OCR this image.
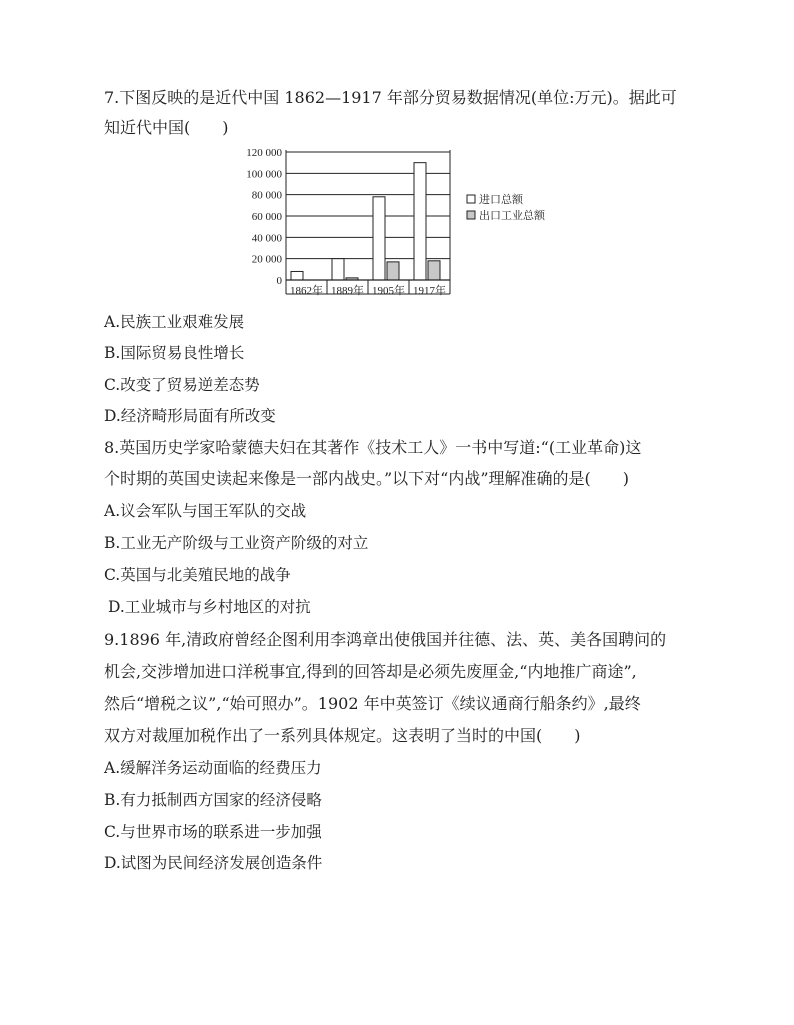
7.下图反映的是近代中国 1862—1917 年部分贸易数据情况(单位:万元)。据此可
知近代中国(　　)
120 000
100 000
80 000
60 000
40 000
20 000
0
1862年 1889年 1905年 1917年
进口总额
出口工业总额
A.民族工业艰难发展
B.国际贸易良性增长
C.改变了贸易逆差态势
D.经济畸形局面有所改变
8.英国历史学家哈蒙德夫妇在其著作《技术工人》一书中写道:“(工业革命)这
个时期的英国史读起来像是一部内战史。”以下对“内战”理解准确的是(　　)
A.议会军队与国王军队的交战
B.工业无产阶级与工业资产阶级的对立
C.英国与北美殖民地的战争
D.工业城市与乡村地区的对抗
9.1896 年,清政府曾经企图利用李鸿章出使俄国并往德、法、英、美各国聘问的
机会,交涉增加进口洋税事宜,得到的回答却是必须先废厘金,“内地推广商途”,
然后“增税之议”,“始可照办”。1902 年中英签订《续议通商行船条约》,最终
双方对裁厘加税作出了一系列具体规定。这表明了当时的中国(　　)
A.缓解洋务运动面临的经费压力
B.有力抵制西方国家的经济侵略
C.与世界市场的联系进一步加强
D.试图为民间经济发展创造条件
